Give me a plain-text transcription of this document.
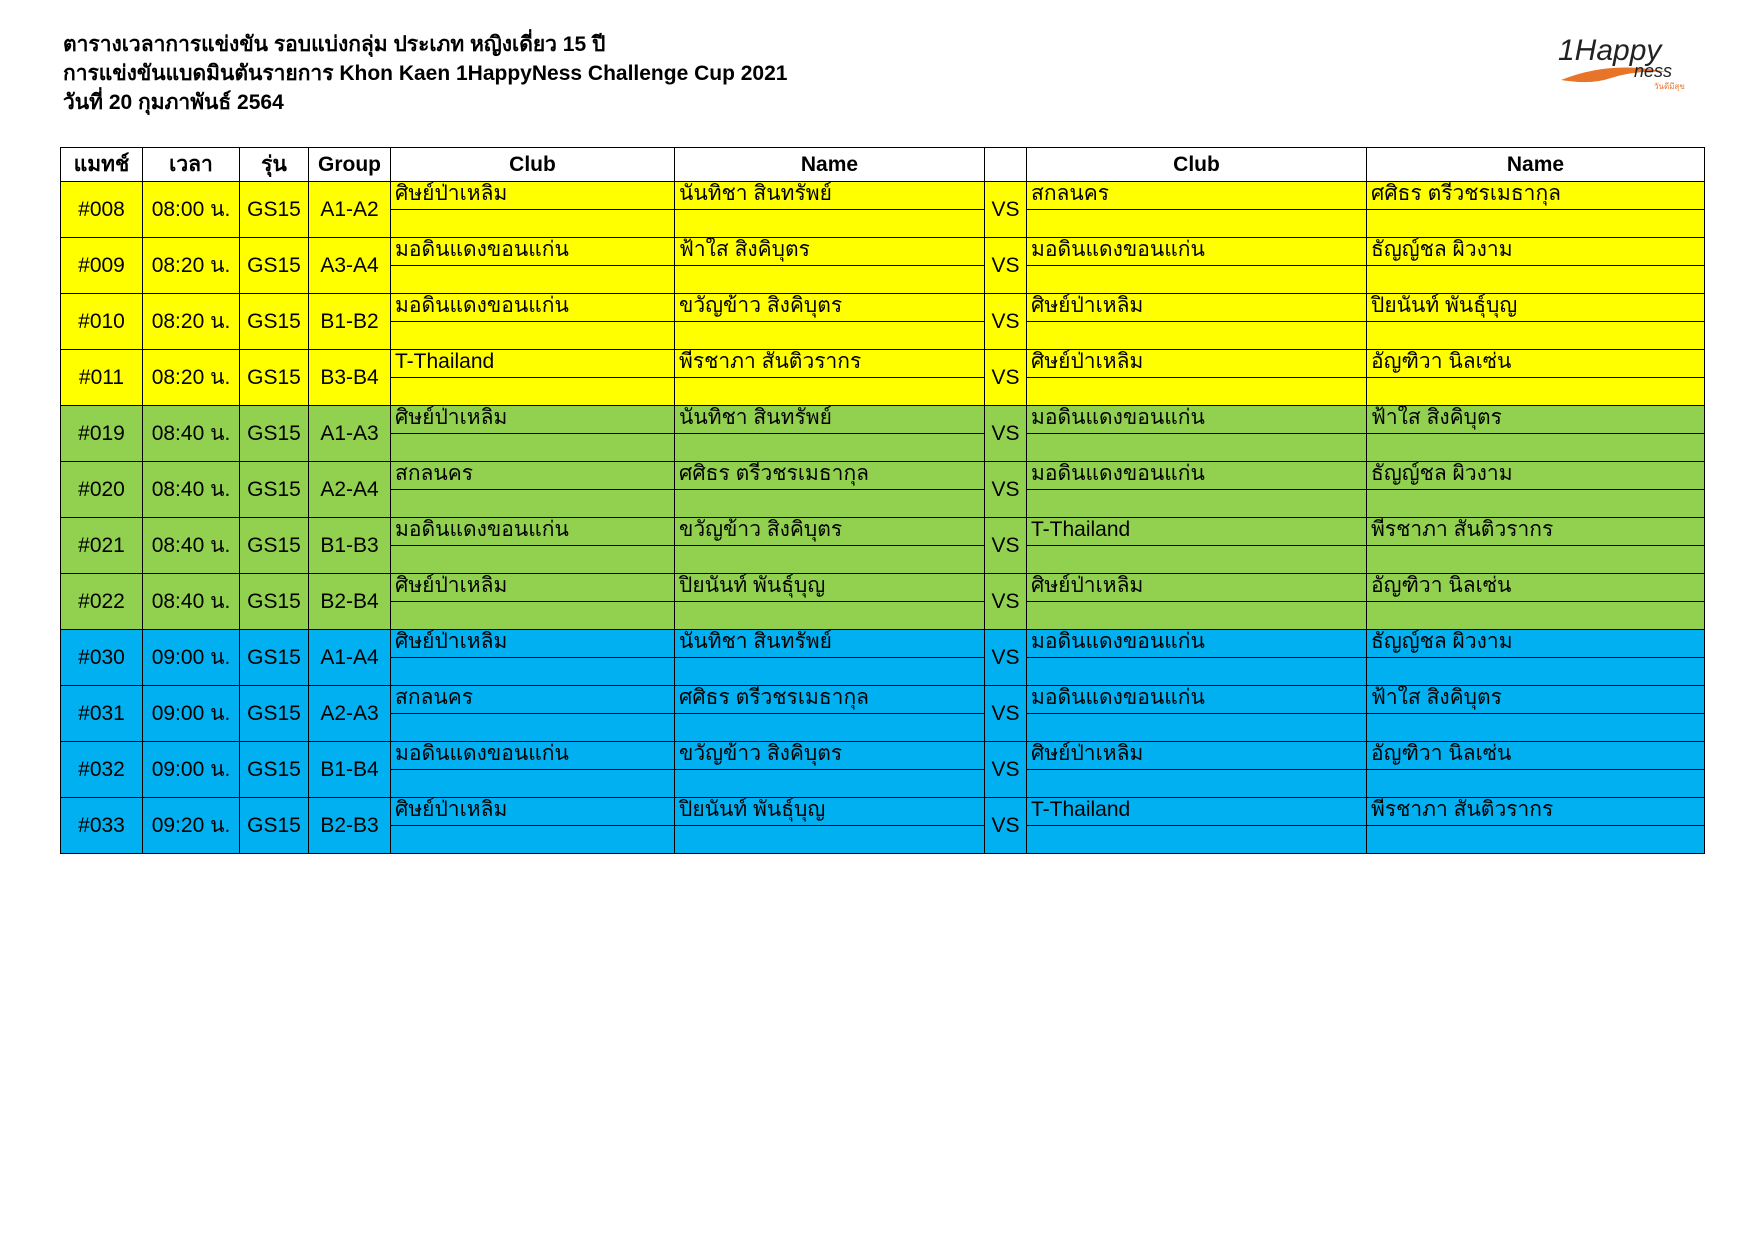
ตารางเวลาการแข่งขัน รอบแบ่งกลุ่ม ประเภท หญิงเดี่ยว 15 ปี
การแข่งขันแบดมินตันรายการ Khon Kaen 1HappyNess Challenge Cup 2021
วันที่ 20 กุมภาพันธ์ 2564
1Happy
ness
วันดีมีสุข
แมทช์	เวลา	รุ่น	Group	Club	Name		Club	Name
#008	08:00 น.	GS15	A1-A2	ศิษย์ป่าเหลิม	นันทิชา สินทรัพย์	VS	สกลนคร	ศศิธร ตรีวชรเมธากุล

#009	08:20 น.	GS15	A3-A4	มอดินแดงขอนแก่น	ฟ้าใส สิงคิบุตร	VS	มอดินแดงขอนแก่น	ธัญญ์ชล ผิวงาม

#010	08:20 น.	GS15	B1-B2	มอดินแดงขอนแก่น	ขวัญข้าว สิงคิบุตร	VS	ศิษย์ป่าเหลิม	ปิยนันท์ พันธุ์บุญ

#011	08:20 น.	GS15	B3-B4	T-Thailand	พีรชาภา สันติวรากร	VS	ศิษย์ป่าเหลิม	อัญฑิวา นิลเซ่น

#019	08:40 น.	GS15	A1-A3	ศิษย์ป่าเหลิม	นันทิชา สินทรัพย์	VS	มอดินแดงขอนแก่น	ฟ้าใส สิงคิบุตร

#020	08:40 น.	GS15	A2-A4	สกลนคร	ศศิธร ตรีวชรเมธากุล	VS	มอดินแดงขอนแก่น	ธัญญ์ชล ผิวงาม

#021	08:40 น.	GS15	B1-B3	มอดินแดงขอนแก่น	ขวัญข้าว สิงคิบุตร	VS	T-Thailand	พีรชาภา สันติวรากร

#022	08:40 น.	GS15	B2-B4	ศิษย์ป่าเหลิม	ปิยนันท์ พันธุ์บุญ	VS	ศิษย์ป่าเหลิม	อัญฑิวา นิลเซ่น

#030	09:00 น.	GS15	A1-A4	ศิษย์ป่าเหลิม	นันทิชา สินทรัพย์	VS	มอดินแดงขอนแก่น	ธัญญ์ชล ผิวงาม

#031	09:00 น.	GS15	A2-A3	สกลนคร	ศศิธร ตรีวชรเมธากุล	VS	มอดินแดงขอนแก่น	ฟ้าใส สิงคิบุตร

#032	09:00 น.	GS15	B1-B4	มอดินแดงขอนแก่น	ขวัญข้าว สิงคิบุตร	VS	ศิษย์ป่าเหลิม	อัญฑิวา นิลเซ่น

#033	09:20 น.	GS15	B2-B3	ศิษย์ป่าเหลิม	ปิยนันท์ พันธุ์บุญ	VS	T-Thailand	พีรชาภา สันติวรากร
